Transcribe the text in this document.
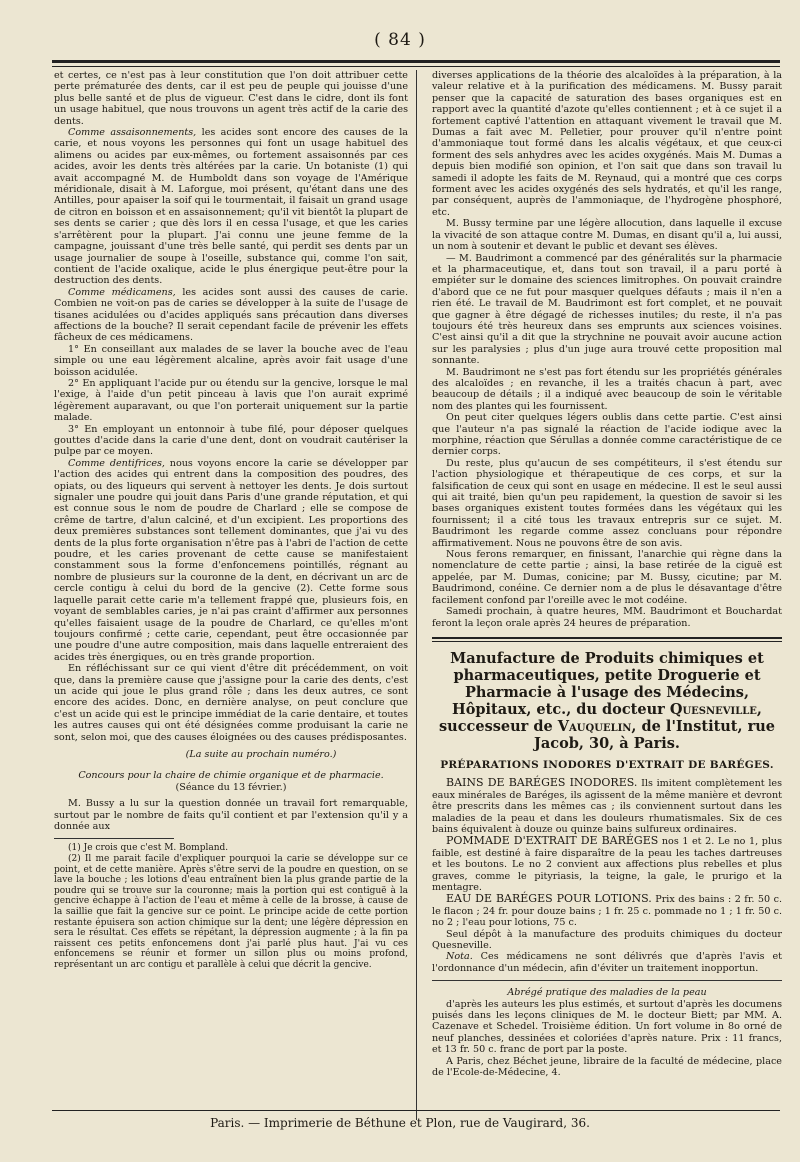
( 84 )

et certes, ce n'est pas à leur constitution que l'on doit attribuer cette perte prématurée des dents, car il est peu de peuple qui jouisse d'une plus belle santé et de plus de vigueur. C'est dans le cidre, dont ils font un usage habituel, que nous trouvons un agent très actif de la carie des dents.

Comme assaisonnements, les acides sont encore des causes de la carie, et nous voyons les personnes qui font un usage habituel des alimens ou acides par eux-mêmes, ou fortement assaisonnés par ces acides, avoir les dents très altérées par la carie. Un botaniste (1) qui avait accompagné M. de Humboldt dans son voyage de l'Amérique méridionale, disait à M. Laforgue, moi présent, qu'étant dans une des Antilles, pour apaiser la soif qui le tourmentait, il faisait un grand usage de citron en boisson et en assaisonnement; qu'il vit bientôt la plupart de ses dents se carier ; que dès lors il en cessa l'usage, et que les caries s'arrêtèrent pour la plupart. J'ai connu une jeune femme de la campagne, jouissant d'une très belle santé, qui perdit ses dents par un usage journalier de soupe à l'oseille, substance qui, comme l'on sait, contient de l'acide oxalique, acide le plus énergique peut-être pour la destruction des dents.

Comme médicamens, les acides sont aussi des causes de carie. Combien ne voit-on pas de caries se développer à la suite de l'usage de tisanes acidulées ou d'acides appliqués sans précaution dans diverses affections de la bouche? Il serait cependant facile de prévenir les effets fâcheux de ces médicamens.

1° En conseillant aux malades de se laver la bouche avec de l'eau simple ou une eau légèrement alcaline, après avoir fait usage d'une boisson acidulée.

2° En appliquant l'acide pur ou étendu sur la gencive, lorsque le mal l'exige, à l'aide d'un petit pinceau à lavis que l'on aurait exprimé légèrement auparavant, ou que l'on porterait uniquement sur la partie malade.

3° En employant un entonnoir à tube filé, pour déposer quelques gouttes d'acide dans la carie d'une dent, dont on voudrait cautériser la pulpe par ce moyen.

Comme dentifrices, nous voyons encore la carie se développer par l'action des acides qui entrent dans la composition des poudres, des opiats, ou des liqueurs qui servent à nettoyer les dents. Je dois surtout signaler une poudre qui jouit dans Paris d'une grande réputation, et qui est connue sous le nom de poudre de Charlard ; elle se compose de crême de tartre, d'alun calciné, et d'un excipient. Les proportions des deux premières substances sont tellement dominantes, que j'ai vu des dents de la plus forte organisation n'être pas à l'abri de l'action de cette poudre, et les caries provenant de cette cause se manifestaient constamment sous la forme d'enfoncemens pointillés, régnant au nombre de plusieurs sur la couronne de la dent, en décrivant un arc de cercle contigu à celui du bord de la gencive (2). Cette forme sous laquelle parait cette carie m'a tellement frappé que, plusieurs fois, en voyant de semblables caries, je n'ai pas craint d'affirmer aux personnes qu'elles faisaient usage de la poudre de Charlard, ce qu'elles m'ont toujours confirmé ; cette carie, cependant, peut être occasionnée par une poudre d'une autre composition, mais dans laquelle entreraient des acides très énergiques, ou en très grande proportion.

En réfléchissant sur ce qui vient d'être dit précédemment, on voit que, dans la première cause que j'assigne pour la carie des dents, c'est un acide qui joue le plus grand rôle ; dans les deux autres, ce sont encore des acides. Donc, en dernière analyse, on peut conclure que c'est un acide qui est le principe immédiat de la carie dentaire, et toutes les autres causes qui ont été désignées comme produisant la carie ne sont, selon moi, que des causes éloignées ou des causes prédisposantes.

(La suite au prochain numéro.)

Concours pour la chaire de chimie organique et de pharmacie.

(Séance du 13 février.)

M. Bussy a lu sur la question donnée un travail fort remarquable, surtout par le nombre de faits qu'il contient et par l'extension qu'il y a donnée aux

(1) Je crois que c'est M. Bompland.

(2) Il me parait facile d'expliquer pourquoi la carie se développe sur ce point, et de cette manière. Après s'être servi de la poudre en question, on se lave la bouche ; les lotions d'eau entraînent bien la plus grande partie de la poudre qui se trouve sur la couronne; mais la portion qui est contiguë à la gencive échappe à l'action de l'eau et même à celle de la brosse, à cause de la saillie que fait la gencive sur ce point. Le principe acide de cette portion restante épuisera son action chimique sur la dent; une légère dépression en sera le résultat. Ces effets se répétant, la dépression augmente ; à la fin pa raissent ces petits enfoncemens dont j'ai parlé plus haut. J'ai vu ces enfoncemens se réunir et former un sillon plus ou moins profond, représentant un arc contigu et parallèle à celui que décrit la gencive.

diverses applications de la théorie des alcaloïdes à la préparation, à la valeur relative et à la purification des médicamens. M. Bussy parait penser que la capacité de saturation des bases organiques est en rapport avec la quantité d'azote qu'elles contiennent ; et à ce sujet il a fortement captivé l'attention en attaquant vivement le travail que M. Dumas a fait avec M. Pelletier, pour prouver qu'il n'entre point d'ammoniaque tout formé dans les alcalis végétaux, et que ceux-ci forment des sels anhydres avec les acides oxygénés. Mais M. Dumas a depuis bien modifié son opinion, et l'on sait que dans son travail lu samedi il adopte les faits de M. Reynaud, qui a montré que ces corps forment avec les acides oxygénés des sels hydratés, et qu'il les range, par conséquent, auprès de l'ammoniaque, de l'hydrogène phosphoré, etc.

M. Bussy termine par une légère allocution, dans laquelle il excuse la vivacité de son attaque contre M. Dumas, en disant qu'il a, lui aussi, un nom à soutenir et devant le public et devant ses élèves.

— M. Baudrimont a commencé par des généralités sur la pharmacie et la pharmaceutique, et, dans tout son travail, il a paru porté à empiéter sur le domaine des sciences limitrophes. On pouvait craindre d'abord que ce ne fut pour masquer quelques défauts ; mais il n'en a rien été. Le travail de M. Baudrimont est fort complet, et ne pouvait que gagner à être dégagé de richesses inutiles; du reste, il n'a pas toujours été très heureux dans ses emprunts aux sciences voisines. C'est ainsi qu'il a dit que la strychnine ne pouvait avoir aucune action sur les paralysies ; plus d'un juge aura trouvé cette proposition mal sonnante.

M. Baudrimont ne s'est pas fort étendu sur les propriétés générales des alcaloïdes ; en revanche, il les a traités chacun à part, avec beaucoup de détails ; il a indiqué avec beaucoup de soin le véritable nom des plantes qui les fournissent.

On peut citer quelques légers oublis dans cette partie. C'est ainsi que l'auteur n'a pas signalé la réaction de l'acide iodique avec la morphine, réaction que Sérullas a donnée comme caractéristique de ce dernier corps.

Du reste, plus qu'aucun de ses compétiteurs, il s'est étendu sur l'action physiologique et thérapeutique de ces corps, et sur la falsification de ceux qui sont en usage en médecine. Il est le seul aussi qui ait traité, bien qu'un peu rapidement, la question de savoir si les bases organiques existent toutes formées dans les végétaux qui les fournissent; il a cité tous les travaux entrepris sur ce sujet. M. Baudrimont les regarde comme assez concluans pour répondre affirmativement. Nous ne pouvons être de son avis.

Nous ferons remarquer, en finissant, l'anarchie qui règne dans la nomenclature de cette partie ; ainsi, la base retirée de la ciguë est appelée, par M. Dumas, conicine; par M. Bussy, cicutine; par M. Baudrimond, conéine. Ce dernier nom a de plus le désavantage d'être facilement confond par l'oreille avec le mot codéine.

Samedi prochain, à quatre heures, MM. Baudrimont et Bouchardat feront la leçon orale après 24 heures de préparation.

Manufacture de Produits chimiques et pharmaceutiques, petite Droguerie et Pharmacie à l'usage des Médecins, Hôpitaux, etc., du docteur Quesneville, successeur de Vauquelin, de l'Institut, rue Jacob, 30, à Paris.
PRÉPARATIONS INODORES D'EXTRAIT DE BARÉGES.

BAINS DE BARÉGES INODORES. Ils imitent complètement les eaux minérales de Baréges, ils agissent de la même manière et devront être prescrits dans les mêmes cas ; ils conviennent surtout dans les maladies de la peau et dans les douleurs rhumatismales. Six de ces bains équivalent à douze ou quinze bains sulfureux ordinaires.

POMMADE D'EXTRAIT DE BARÉGES nos 1 et 2. Le no 1, plus faible, est destiné à faire disparaître de la peau les taches dartreuses et les boutons. Le no 2 convient aux affections plus rebelles et plus graves, comme le pityriasis, la teigne, la gale, le prurigo et la mentagre.

EAU DE BARÉGES POUR LOTIONS. Prix des bains : 2 fr. 50 c. le flacon ; 24 fr. pour douze bains ; 1 fr. 25 c. pommade no 1 ; 1 fr. 50 c. no 2 ; l'eau pour lotions, 75 c.

Seul dépôt à la manufacture des produits chimiques du docteur Quesneville.

Nota. Ces médicamens ne sont délivrés que d'après l'avis et l'ordonnance d'un médecin, afin d'éviter un traitement inopportun.

Abrégé pratique des maladies de la peau

d'après les auteurs les plus estimés, et surtout d'après les documens puisés dans les leçons cliniques de M. le docteur Biett; par MM. A. Cazenave et Schedel. Troisième édition. Un fort volume in 8o orné de neuf planches, dessinées et coloriées d'après nature. Prix : 11 francs, et 13 fr. 50 c. franc de port par la poste.

A Paris, chez Béchet jeune, libraire de la faculté de médecine, place de l'Ecole-de-Médecine, 4.

Paris. — Imprimerie de Béthune et Plon, rue de Vaugirard, 36.
